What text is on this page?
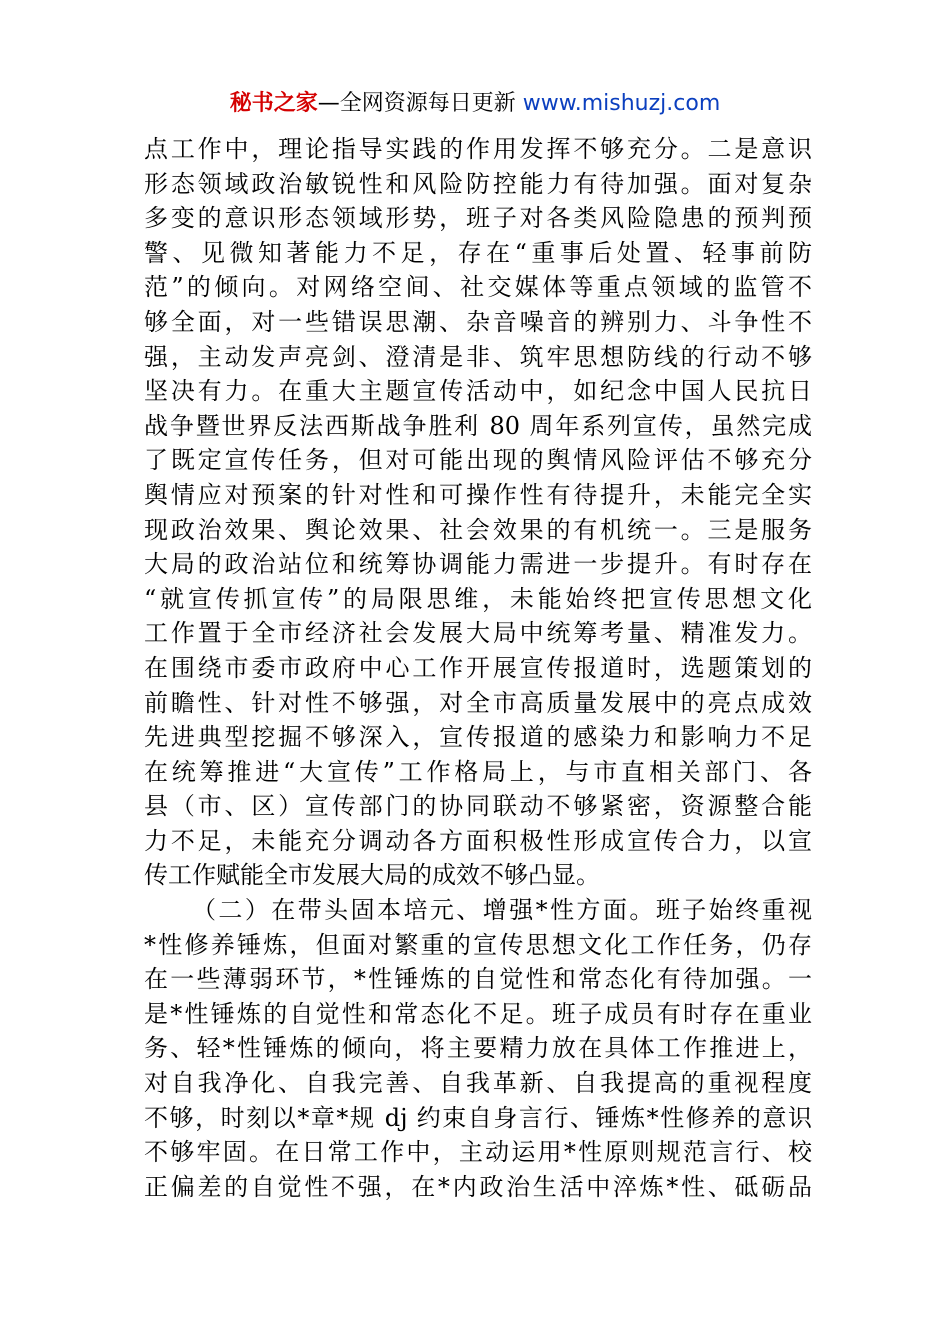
秘书之家—全网资源每日更新 www.mishuzj.com
点工作中，理论指导实践的作用发挥不够充分。二是意识
形态领域政治敏锐性和风险防控能力有待加强。面对复杂
多变的意识形态领域形势，班子对各类风险隐患的预判预
警、见微知著能力不足，存在“重事后处置、轻事前防
范”的倾向。对网络空间、社交媒体等重点领域的监管不
够全面，对一些错误思潮、杂音噪音的辨别力、斗争性不
强，主动发声亮剑、澄清是非、筑牢思想防线的行动不够
坚决有力。在重大主题宣传活动中，如纪念中国人民抗日
战争暨世界反法西斯战争胜利 80 周年系列宣传，虽然完成
了既定宣传任务，但对可能出现的舆情风险评估不够充分
舆情应对预案的针对性和可操作性有待提升，未能完全实
现政治效果、舆论效果、社会效果的有机统一。三是服务
大局的政治站位和统筹协调能力需进一步提升。有时存在
“就宣传抓宣传”的局限思维，未能始终把宣传思想文化
工作置于全市经济社会发展大局中统筹考量、精准发力。
在围绕市委市政府中心工作开展宣传报道时，选题策划的
前瞻性、针对性不够强，对全市高质量发展中的亮点成效
先进典型挖掘不够深入，宣传报道的感染力和影响力不足
在统筹推进“大宣传”工作格局上，与市直相关部门、各
县（市、区）宣传部门的协同联动不够紧密，资源整合能
力不足，未能充分调动各方面积极性形成宣传合力，以宣
传工作赋能全市发展大局的成效不够凸显。
（二）在带头固本培元、增强*性方面。班子始终重视
*性修养锤炼，但面对繁重的宣传思想文化工作任务，仍存
在一些薄弱环节，*性锤炼的自觉性和常态化有待加强。一
是*性锤炼的自觉性和常态化不足。班子成员有时存在重业
务、轻*性锤炼的倾向，将主要精力放在具体工作推进上，
对自我净化、自我完善、自我革新、自我提高的重视程度
不够，时刻以*章*规 dj 约束自身言行、锤炼*性修养的意识
不够牢固。在日常工作中，主动运用*性原则规范言行、校
正偏差的自觉性不强，在*内政治生活中淬炼*性、砥砺品
